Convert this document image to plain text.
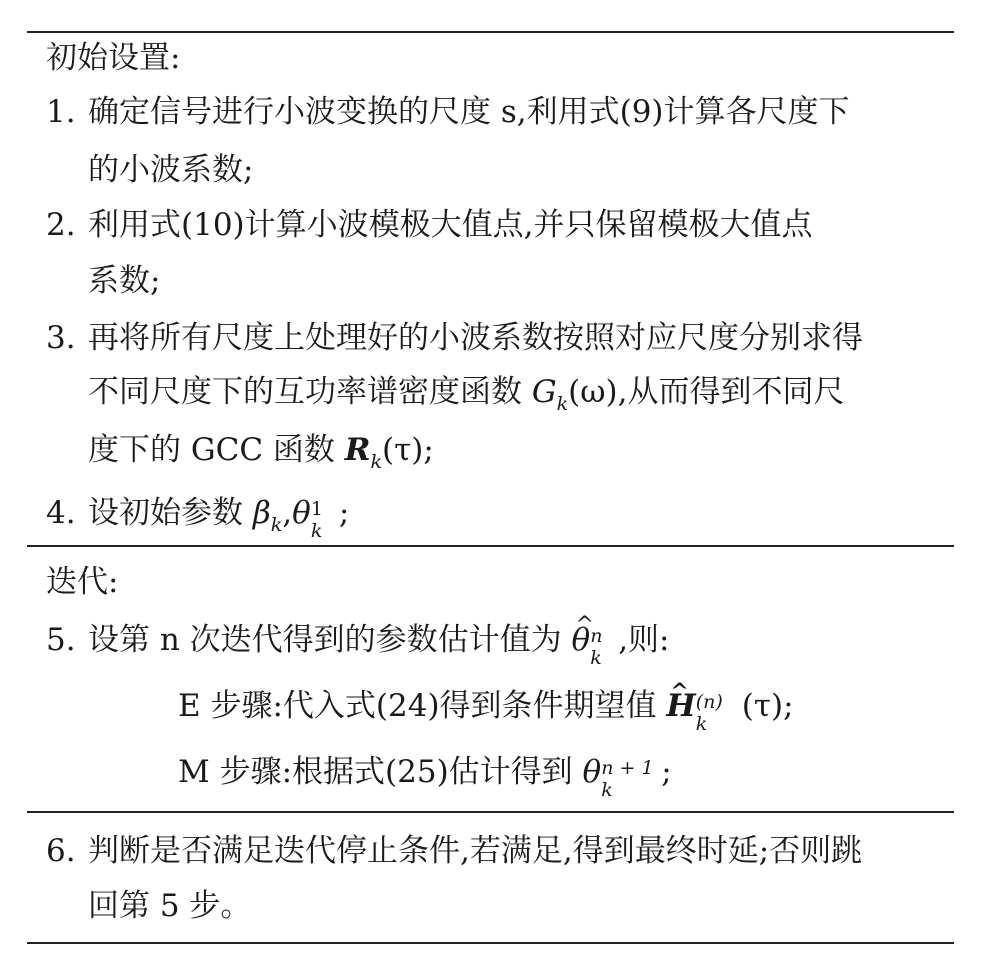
初始设置:
1. 确定信号进行小波变换的尺度 s,利用式(9)计算各尺度下
的小波系数;
2. 利用式(10)计算小波模极大值点,并只保留模极大值点
系数;
3. 再将所有尺度上处理好的小波系数按照对应尺度分别求得
不同尺度下的互功率谱密度函数 $G_k(\omega)$,从而得到不同尺
度下的 GCC 函数 $R_k(\tau)$;
4. 设初始参数 $\beta_k,\theta$ 1
k ;
迭代:
5. 设第 n 次迭代得到的参数估计值为 ^ θ n
k ,则:
E 步骤:代入式(24)得到条件期望值 ^ H (n)
k (τ);
M 步骤:根据式(25)估计得到 θ n + 1
k ;
6. 判断是否满足迭代停止条件,若满足,得到最终时延;否则跳
回第 5 步。
